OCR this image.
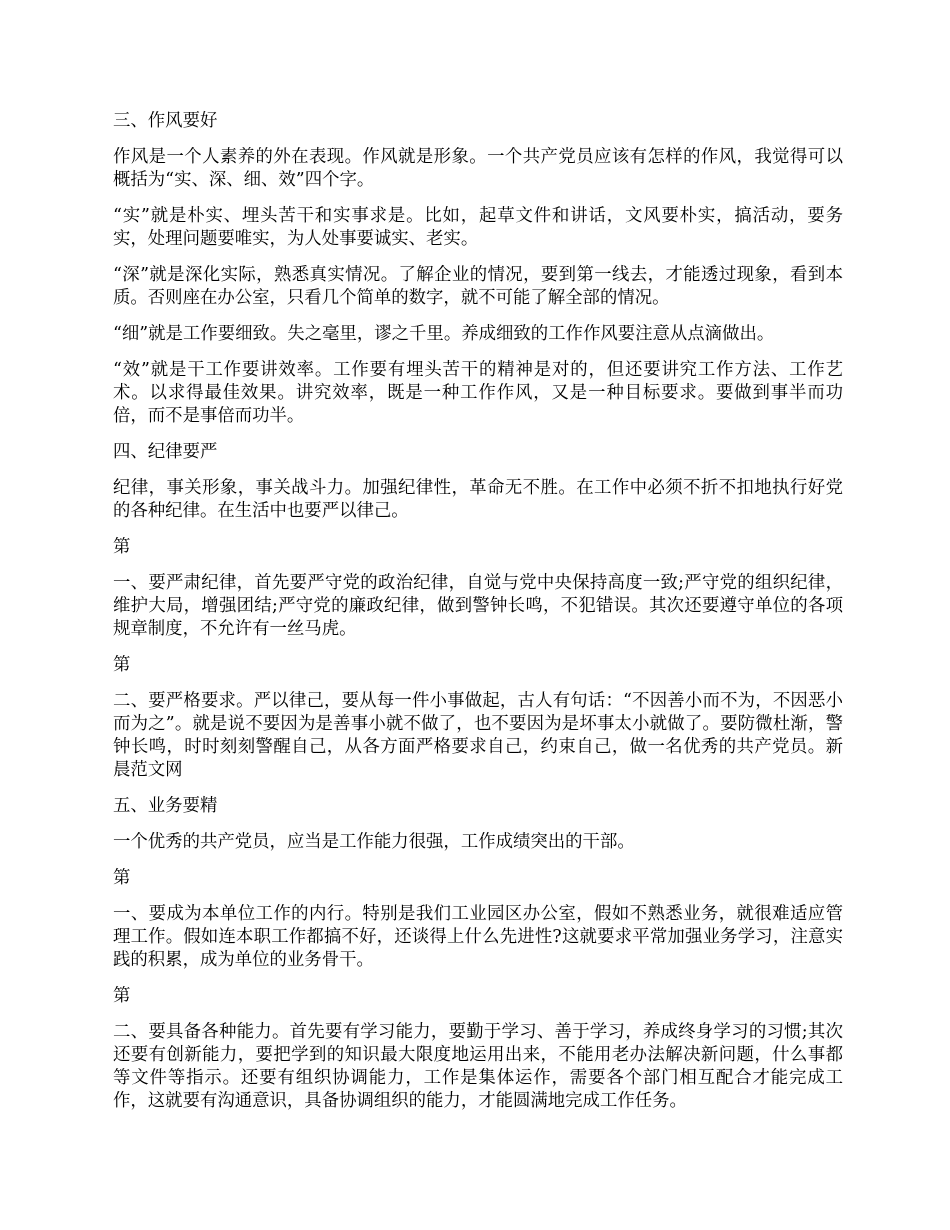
三、作风要好

作风是一个人素养的外在表现。作风就是形象。一个共产党员应该有怎样的作风，我觉得可以概括为“实、深、细、效”四个字。

“实”就是朴实、埋头苦干和实事求是。比如，起草文件和讲话，文风要朴实，搞活动，要务实，处理问题要唯实，为人处事要诚实、老实。

“深”就是深化实际，熟悉真实情况。了解企业的情况，要到第一线去，才能透过现象，看到本质。否则座在办公室，只看几个简单的数字，就不可能了解全部的情况。

“细”就是工作要细致。失之毫里，谬之千里。养成细致的工作作风要注意从点滴做出。

“效”就是干工作要讲效率。工作要有埋头苦干的精神是对的，但还要讲究工作方法、工作艺术。以求得最佳效果。讲究效率，既是一种工作作风，又是一种目标要求。要做到事半而功倍，而不是事倍而功半。

四、纪律要严

纪律，事关形象，事关战斗力。加强纪律性，革命无不胜。在工作中必须不折不扣地执行好党的各种纪律。在生活中也要严以律己。

第

一、要严肃纪律，首先要严守党的政治纪律，自觉与党中央保持高度一致;严守党的组织纪律，维护大局，增强团结;严守党的廉政纪律，做到警钟长鸣，不犯错误。其次还要遵守单位的各项规章制度，不允许有一丝马虎。

第

二、要严格要求。严以律己，要从每一件小事做起，古人有句话：“不因善小而不为，不因恶小而为之”。就是说不要因为是善事小就不做了，也不要因为是坏事太小就做了。要防微杜渐，警钟长鸣，时时刻刻警醒自己，从各方面严格要求自己，约束自己，做一名优秀的共产党员。新晨范文网

五、业务要精

一个优秀的共产党员，应当是工作能力很强，工作成绩突出的干部。

第

一、要成为本单位工作的内行。特别是我们工业园区办公室，假如不熟悉业务，就很难适应管理工作。假如连本职工作都搞不好，还谈得上什么先进性?这就要求平常加强业务学习，注意实践的积累，成为单位的业务骨干。

第

二、要具备各种能力。首先要有学习能力，要勤于学习、善于学习，养成终身学习的习惯;其次还要有创新能力，要把学到的知识最大限度地运用出来，不能用老办法解决新问题，什么事都等文件等指示。还要有组织协调能力，工作是集体运作，需要各个部门相互配合才能完成工作，这就要有沟通意识，具备协调组织的能力，才能圆满地完成工作任务。
